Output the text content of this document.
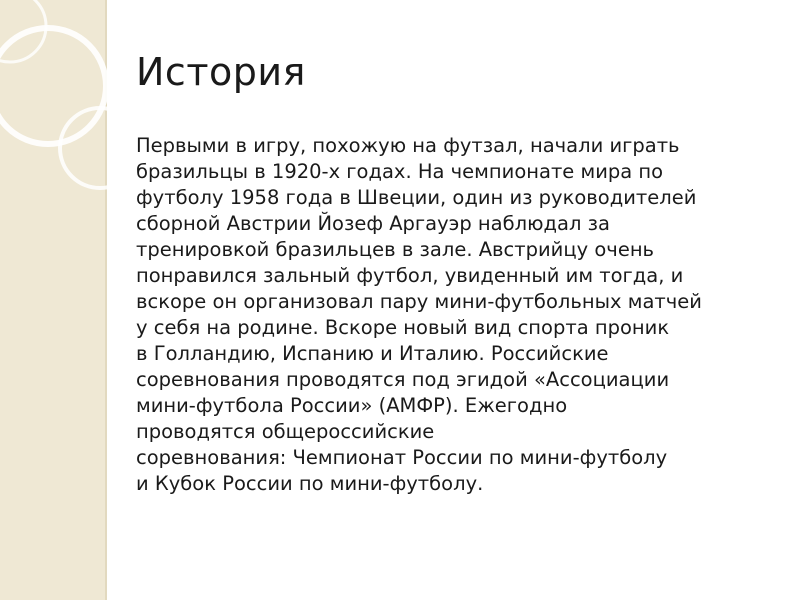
История

Первыми в игру, похожую на футзал, начали играть
бразильцы в 1920-х годах. На чемпионате мира по
футболу 1958 года в Швеции, один из руководителей
сборной Австрии Йозеф Аргауэр наблюдал за
тренировкой бразильцев в зале. Австрийцу очень
понравился зальный футбол, увиденный им тогда, и
вскоре он организовал пару мини-футбольных матчей
у себя на родине. Вскоре новый вид спорта проник
в Голландию, Испанию и Италию. Российские
соревнования проводятся под эгидой «Ассоциации
мини-футбола России» (АМФР). Ежегодно
проводятся общероссийские
соревнования: Чемпионат России по мини-футболу
и Кубок России по мини-футболу.
